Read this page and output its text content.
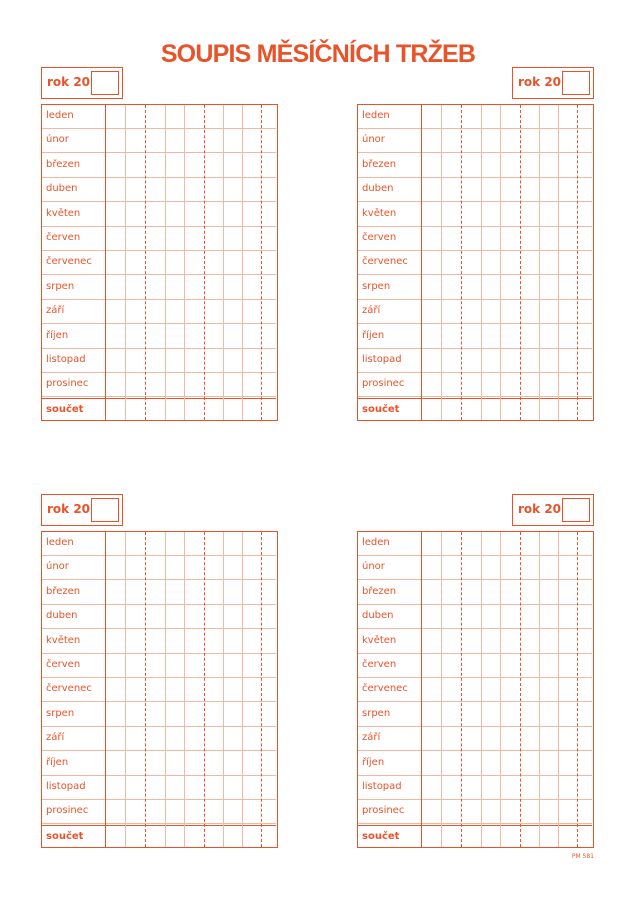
SOUPIS MĚSÍČNÍCH TRŽEB
rok 20
leden
únor
březen
duben
květen
červen
červenec
srpen
září
říjen
listopad
prosinec
součet
rok 20
leden
únor
březen
duben
květen
červen
červenec
srpen
září
říjen
listopad
prosinec
součet
rok 20
leden
únor
březen
duben
květen
červen
červenec
srpen
září
říjen
listopad
prosinec
součet
rok 20
leden
únor
březen
duben
květen
červen
červenec
srpen
září
říjen
listopad
prosinec
součet
PM 581
